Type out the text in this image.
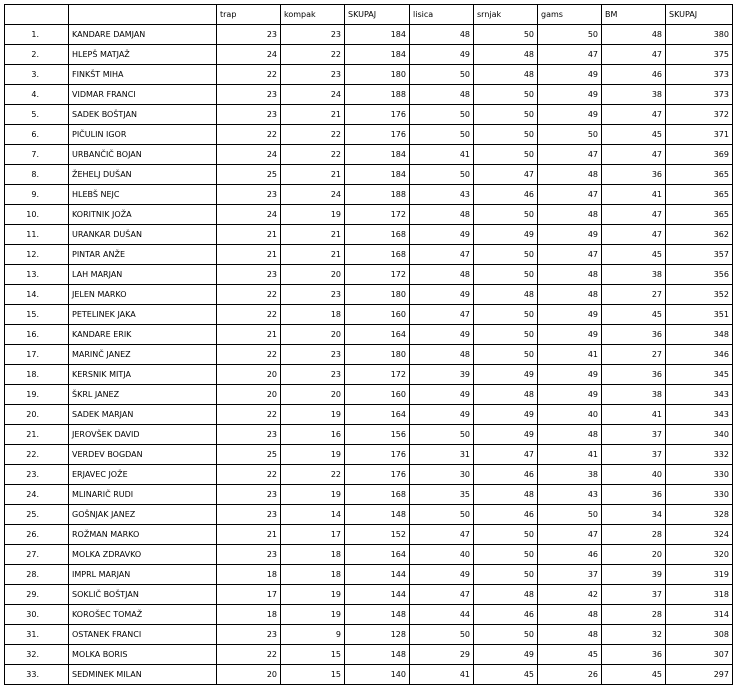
		trap	kompak	SKUPAJ	lisica	srnjak	gams	BM	SKUPAJ
1.	KANDARE DAMJAN	23	23	184	48	50	50	48	380
2.	HLEPŠ MATJAŽ	24	22	184	49	48	47	47	375
3.	FINKŠT MIHA	22	23	180	50	48	49	46	373
4.	VIDMAR FRANCI	23	24	188	48	50	49	38	373
5.	SADEK BOŠTJAN	23	21	176	50	50	49	47	372
6.	PIČULIN IGOR	22	22	176	50	50	50	45	371
7.	URBANČIČ BOJAN	24	22	184	41	50	47	47	369
8.	ŽEHELJ DUŠAN	25	21	184	50	47	48	36	365
9.	HLEBŠ NEJC	23	24	188	43	46	47	41	365
10.	KORITNIK JOŽA	24	19	172	48	50	48	47	365
11.	URANKAR DUŠAN	21	21	168	49	49	49	47	362
12.	PINTAR ANŽE	21	21	168	47	50	47	45	357
13.	LAH MARJAN	23	20	172	48	50	48	38	356
14.	JELEN MARKO	22	23	180	49	48	48	27	352
15.	PETELINEK JAKA	22	18	160	47	50	49	45	351
16.	KANDARE ERIK	21	20	164	49	50	49	36	348
17.	MARINČ JANEZ	22	23	180	48	50	41	27	346
18.	KERSNIK MITJA	20	23	172	39	49	49	36	345
19.	ŠKRL JANEZ	20	20	160	49	48	49	38	343
20.	SADEK MARJAN	22	19	164	49	49	40	41	343
21.	JEROVŠEK DAVID	23	16	156	50	49	48	37	340
22.	VERDEV BOGDAN	25	19	176	31	47	41	37	332
23.	ERJAVEC JOŽE	22	22	176	30	46	38	40	330
24.	MLINARIČ RUDI	23	19	168	35	48	43	36	330
25.	GOŠNJAK JANEZ	23	14	148	50	46	50	34	328
26.	ROŽMAN MARKO	21	17	152	47	50	47	28	324
27.	MOLKA ZDRAVKO	23	18	164	40	50	46	20	320
28.	IMPRL MARJAN	18	18	144	49	50	37	39	319
29.	SOKLIČ BOŠTJAN	17	19	144	47	48	42	37	318
30.	KOROŠEC TOMAŽ	18	19	148	44	46	48	28	314
31.	OSTANEK FRANCI	23	9	128	50	50	48	32	308
32.	MOLKA BORIS	22	15	148	29	49	45	36	307
33.	SEDMINEK MILAN	20	15	140	41	45	26	45	297
